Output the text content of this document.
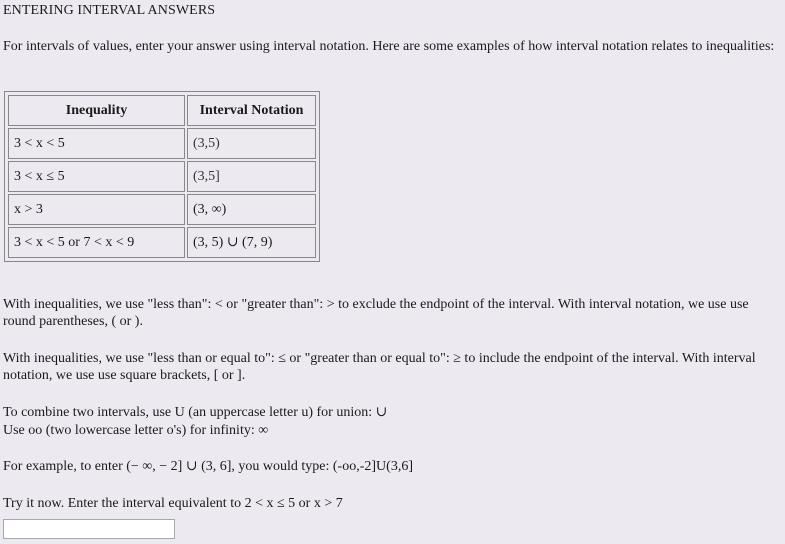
ENTERING INTERVAL ANSWERS
For intervals of values, enter your answer using interval notation. Here are some examples of how interval notation relates to inequalities:
Inequality	Interval Notation
3 < x < 5	(3,5)
3 < x ≤ 5	(3,5]
x > 3	(3, ∞)
3 < x < 5 or 7 < x < 9	(3, 5) ∪ (7, 9)
With inequalities, we use "less than": < or "greater than": > to exclude the endpoint of the interval. With interval notation, we use use round parentheses, ( or ).
With inequalities, we use "less than or equal to": ≤ or "greater than or equal to": ≥ to include the endpoint of the interval. With interval notation, we use use square brackets, [ or ].
To combine two intervals, use U (an uppercase letter u) for union: ∪
Use oo (two lowercase letter o's) for infinity: ∞
For example, to enter (− ∞, − 2] ∪ (3, 6], you would type: (-oo,-2]U(3,6]
Try it now. Enter the interval equivalent to 2 < x ≤ 5 or x > 7
